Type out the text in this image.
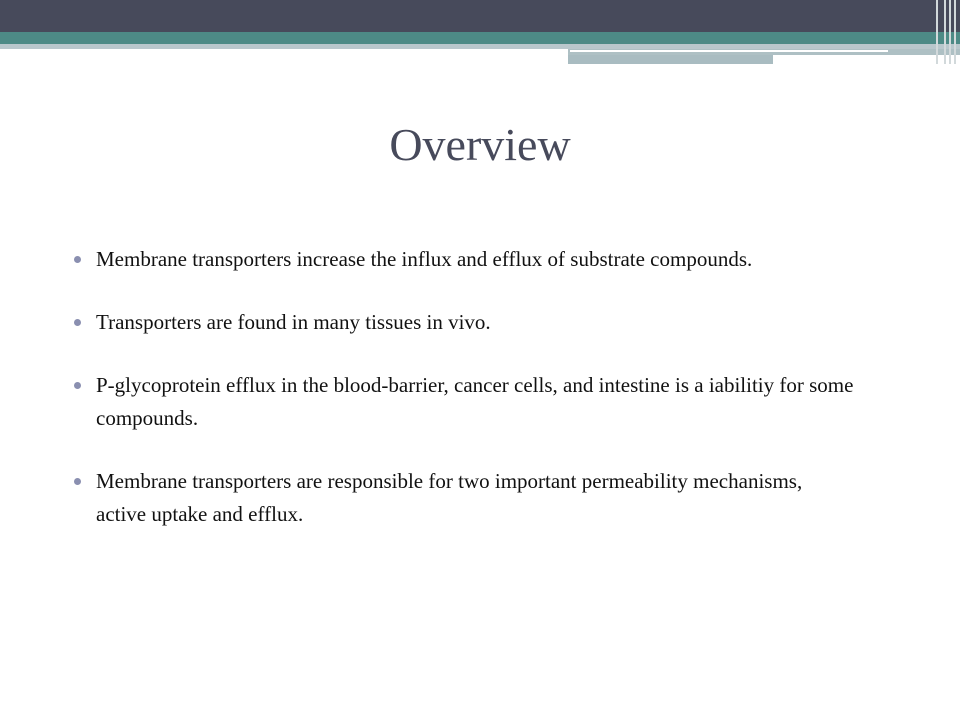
Overview
Membrane transporters increase the influx and efflux of substrate compounds.
Transporters are found in many tissues in vivo.
P-glycoprotein efflux in the blood-barrier, cancer cells, and intestine is a iabilitiy for some compounds.
Membrane transporters are responsible for two important permeability mechanisms, active uptake and efflux.
